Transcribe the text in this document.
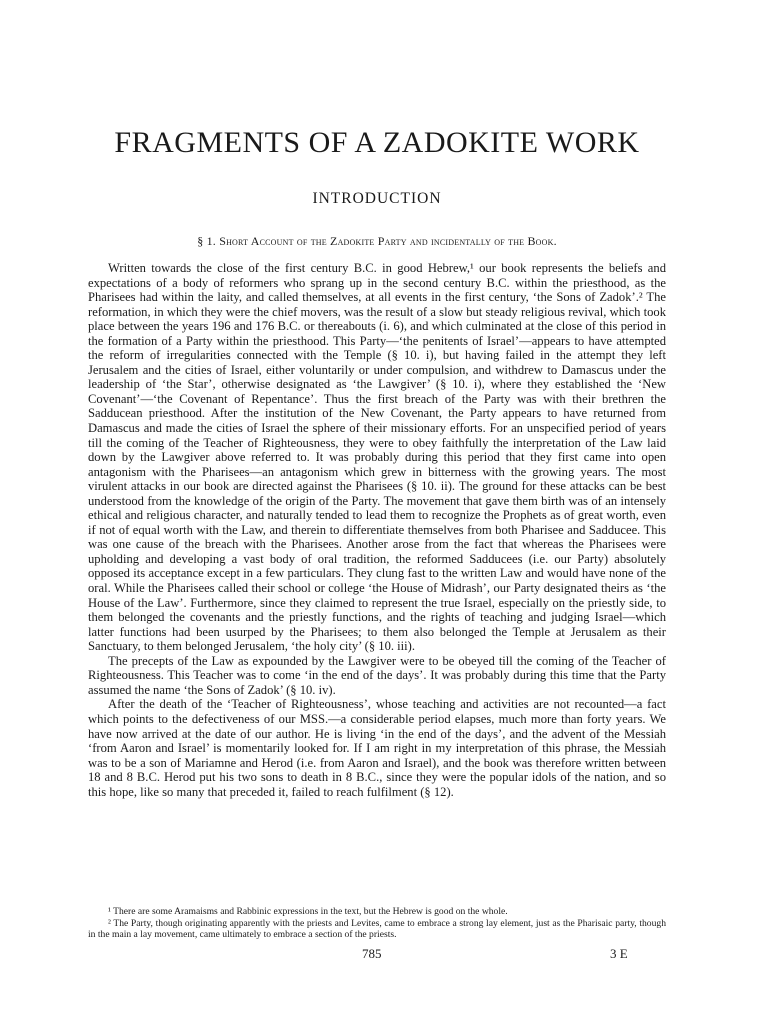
FRAGMENTS OF A ZADOKITE WORK
INTRODUCTION
§ 1. Short Account of the Zadokite Party and incidentally of the Book.

Written towards the close of the first century B.C. in good Hebrew,¹ our book represents the beliefs and expectations of a body of reformers who sprang up in the second century B.C. within the priesthood, as the Pharisees had within the laity, and called themselves, at all events in the first century, ‘the Sons of Zadok’.² The reformation, in which they were the chief movers, was the result of a slow but steady religious revival, which took place between the years 196 and 176 B.C. or thereabouts (i. 6), and which culminated at the close of this period in the formation of a Party within the priesthood. This Party—‘the penitents of Israel’—appears to have attempted the reform of irregularities connected with the Temple (§ 10. i), but having failed in the attempt they left Jerusalem and the cities of Israel, either voluntarily or under compulsion, and withdrew to Damascus under the leadership of ‘the Star’, otherwise designated as ‘the Lawgiver’ (§ 10. i), where they established the ‘New Covenant’—‘the Covenant of Repentance’. Thus the first breach of the Party was with their brethren the Sadducean priesthood. After the institution of the New Covenant, the Party appears to have returned from Damascus and made the cities of Israel the sphere of their missionary efforts. For an unspecified period of years till the coming of the Teacher of Righteousness, they were to obey faithfully the interpretation of the Law laid down by the Lawgiver above referred to. It was probably during this period that they first came into open antagonism with the Pharisees—an antagonism which grew in bitterness with the growing years. The most virulent attacks in our book are directed against the Pharisees (§ 10. ii). The ground for these attacks can be best understood from the knowledge of the origin of the Party. The movement that gave them birth was of an intensely ethical and religious character, and naturally tended to lead them to recognize the Prophets as of great worth, even if not of equal worth with the Law, and therein to differentiate themselves from both Pharisee and Sadducee. This was one cause of the breach with the Pharisees. Another arose from the fact that whereas the Pharisees were upholding and developing a vast body of oral tradition, the reformed Sadducees (i.e. our Party) absolutely opposed its acceptance except in a few particulars. They clung fast to the written Law and would have none of the oral. While the Pharisees called their school or college ‘the House of Midrash’, our Party designated theirs as ‘the House of the Law’. Furthermore, since they claimed to represent the true Israel, especially on the priestly side, to them belonged the covenants and the priestly functions, and the rights of teaching and judging Israel—which latter functions had been usurped by the Pharisees; to them also belonged the Temple at Jerusalem as their Sanctuary, to them belonged Jerusalem, ‘the holy city’ (§ 10. iii).

The precepts of the Law as expounded by the Lawgiver were to be obeyed till the coming of the Teacher of Righteousness. This Teacher was to come ‘in the end of the days’. It was probably during this time that the Party assumed the name ‘the Sons of Zadok’ (§ 10. iv).

After the death of the ‘Teacher of Righteousness’, whose teaching and activities are not recounted—a fact which points to the defectiveness of our MSS.—a considerable period elapses, much more than forty years. We have now arrived at the date of our author. He is living ‘in the end of the days’, and the advent of the Messiah ‘from Aaron and Israel’ is momentarily looked for. If I am right in my interpretation of this phrase, the Messiah was to be a son of Mariamne and Herod (i.e. from Aaron and Israel), and the book was therefore written between 18 and 8 B.C. Herod put his two sons to death in 8 B.C., since they were the popular idols of the nation, and so this hope, like so many that preceded it, failed to reach fulfilment (§ 12).

¹ There are some Aramaisms and Rabbinic expressions in the text, but the Hebrew is good on the whole.

² The Party, though originating apparently with the priests and Levites, came to embrace a strong lay element, just as the Pharisaic party, though in the main a lay movement, came ultimately to embrace a section of the priests.

785	3 E
